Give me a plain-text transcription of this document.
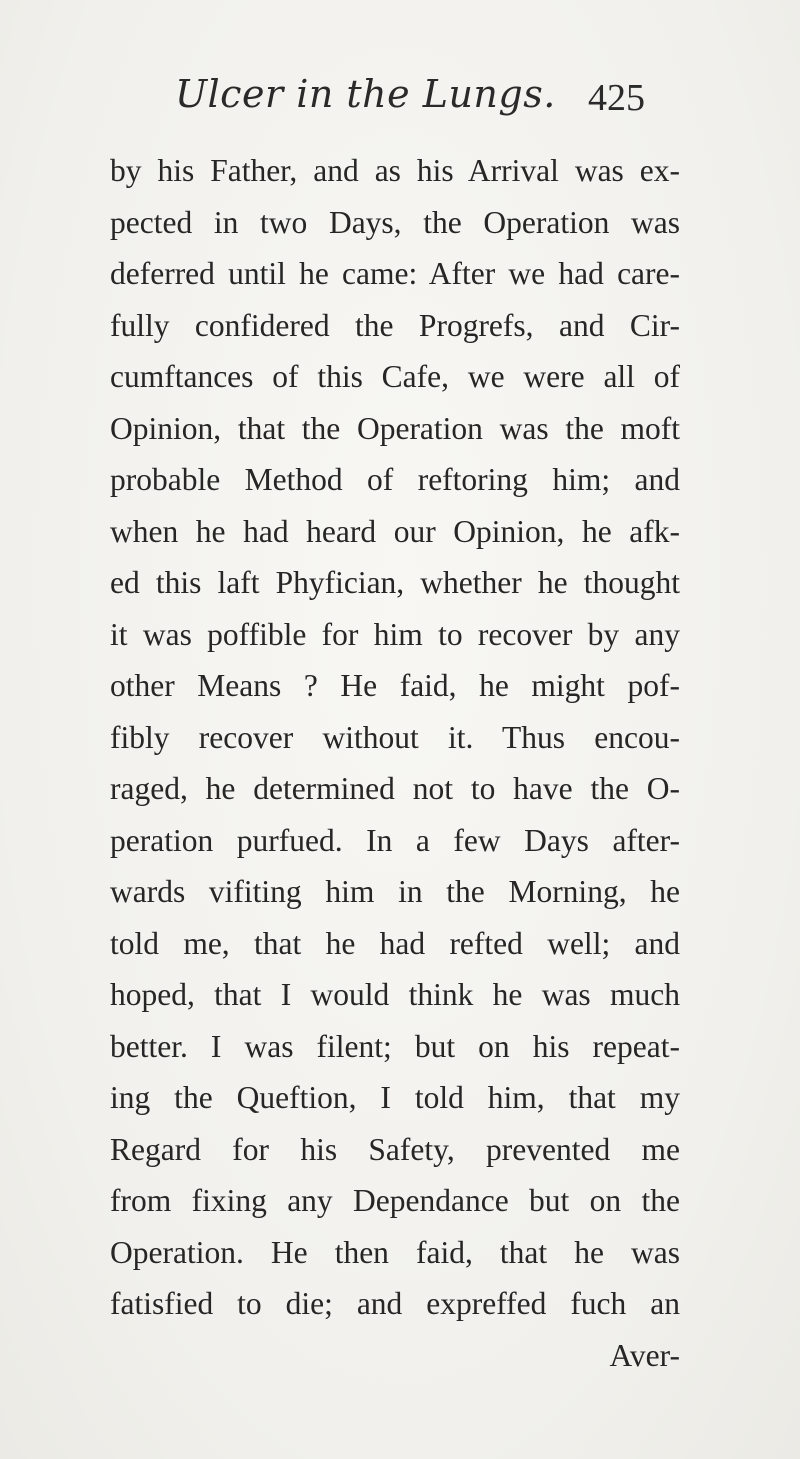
Ulcer in the Lungs. 425
by his Father, and as his Arrival was ex-
pected in two Days, the Operation was
deferred until he came: After we had care-
fully confidered the Progrefs, and Cir-
cumftances of this Cafe, we were all of
Opinion, that the Operation was the moft
probable Method of reftoring him; and
when he had heard our Opinion, he afk-
ed this laft Phyfician, whether he thought
it was poffible for him to recover by any
other Means ? He faid, he might pof-
fibly recover without it. Thus encou-
raged, he determined not to have the O-
peration purfued. In a few Days after-
wards vifiting him in the Morning, he
told me, that he had refted well; and
hoped, that I would think he was much
better. I was filent; but on his repeat-
ing the Queftion, I told him, that my
Regard for his Safety, prevented me
from fixing any Dependance but on the
Operation. He then faid, that he was
fatisfied to die; and expreffed fuch an
Aver-
